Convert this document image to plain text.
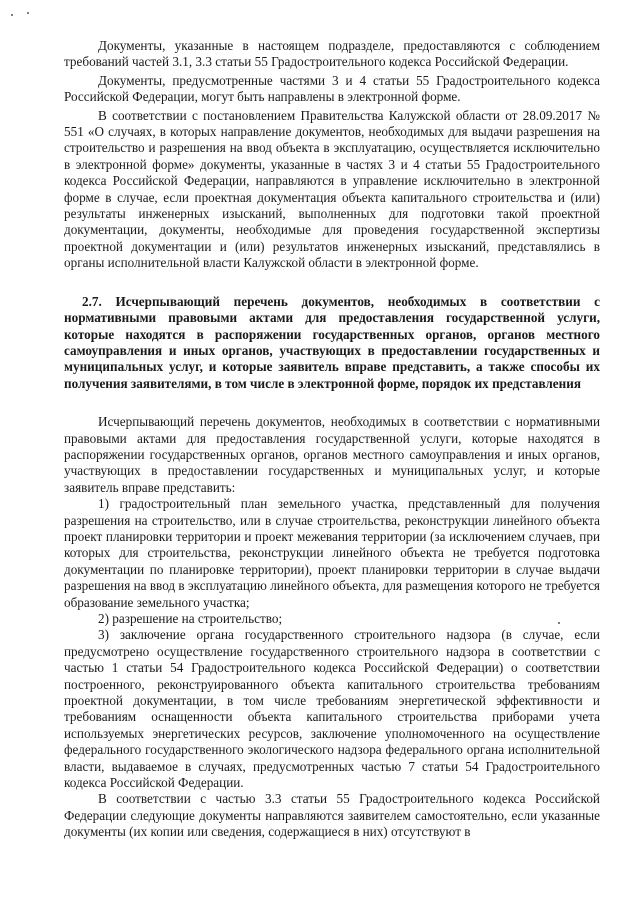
Документы, указанные в настоящем подразделе, предоставляются с соблюдением требований частей 3.1, 3.3 статьи 55 Градостроительного кодекса Российской Федерации.

Документы, предусмотренные частями 3 и 4 статьи 55 Градостроительного кодекса Российской Федерации, могут быть направлены в электронной форме.

В соответствии с постановлением Правительства Калужской области от 28.09.2017 № 551 «О случаях, в которых направление документов, необходимых для выдачи разрешения на строительство и разрешения на ввод объекта в эксплуатацию, осуществляется исключительно в электронной форме» документы, указанные в частях 3 и 4 статьи 55 Градостроительного кодекса Российской Федерации, направляются в управление исключительно в электронной форме в случае, если проектная документация объекта капитального строительства и (или) результаты инженерных изысканий, выполненных для подготовки такой проектной документации, документы, необходимые для проведения государственной экспертизы проектной документации и (или) результатов инженерных изысканий, представлялись в органы исполнительной власти Калужской области в электронной форме.

2.7. Исчерпывающий перечень документов, необходимых в соответствии с нормативными правовыми актами для предоставления государственной услуги, которые находятся в распоряжении государственных органов, органов местного самоуправления и иных органов, участвующих в предоставлении государственных и муниципальных услуг, и которые заявитель вправе представить, а также способы их получения заявителями, в том числе в электронной форме, порядок их представления

Исчерпывающий перечень документов, необходимых в соответствии с нормативными правовыми актами для предоставления государственной услуги, которые находятся в распоряжении государственных органов, органов местного самоуправления и иных органов, участвующих в предоставлении государственных и муниципальных услуг, и которые заявитель вправе представить:

1) градостроительный план земельного участка, представленный для получения разрешения на строительство, или в случае строительства, реконструкции линейного объекта проект планировки территории и проект межевания территории (за исключением случаев, при которых для строительства, реконструкции линейного объекта не требуется подготовка документации по планировке территории), проект планировки территории в случае выдачи разрешения на ввод в эксплуатацию линейного объекта, для размещения которого не требуется образование земельного участка;

2) разрешение на строительство;

3) заключение органа государственного строительного надзора (в случае, если предусмотрено осуществление государственного строительного надзора в соответствии с частью 1 статьи 54 Градостроительного кодекса Российской Федерации) о соответствии построенного, реконструированного объекта капитального строительства требованиям проектной документации, в том числе требованиям энергетической эффективности и требованиям оснащенности объекта капитального строительства приборами учета используемых энергетических ресурсов, заключение уполномоченного на осуществление федерального государственного экологического надзора федерального органа исполнительной власти, выдаваемое в случаях, предусмотренных частью 7 статьи 54 Градостроительного кодекса Российской Федерации.

В соответствии с частью 3.3 статьи 55 Градостроительного кодекса Российской Федерации следующие документы направляются заявителем самостоятельно, если указанные документы (их копии или сведения, содержащиеся в них) отсутствуют в
